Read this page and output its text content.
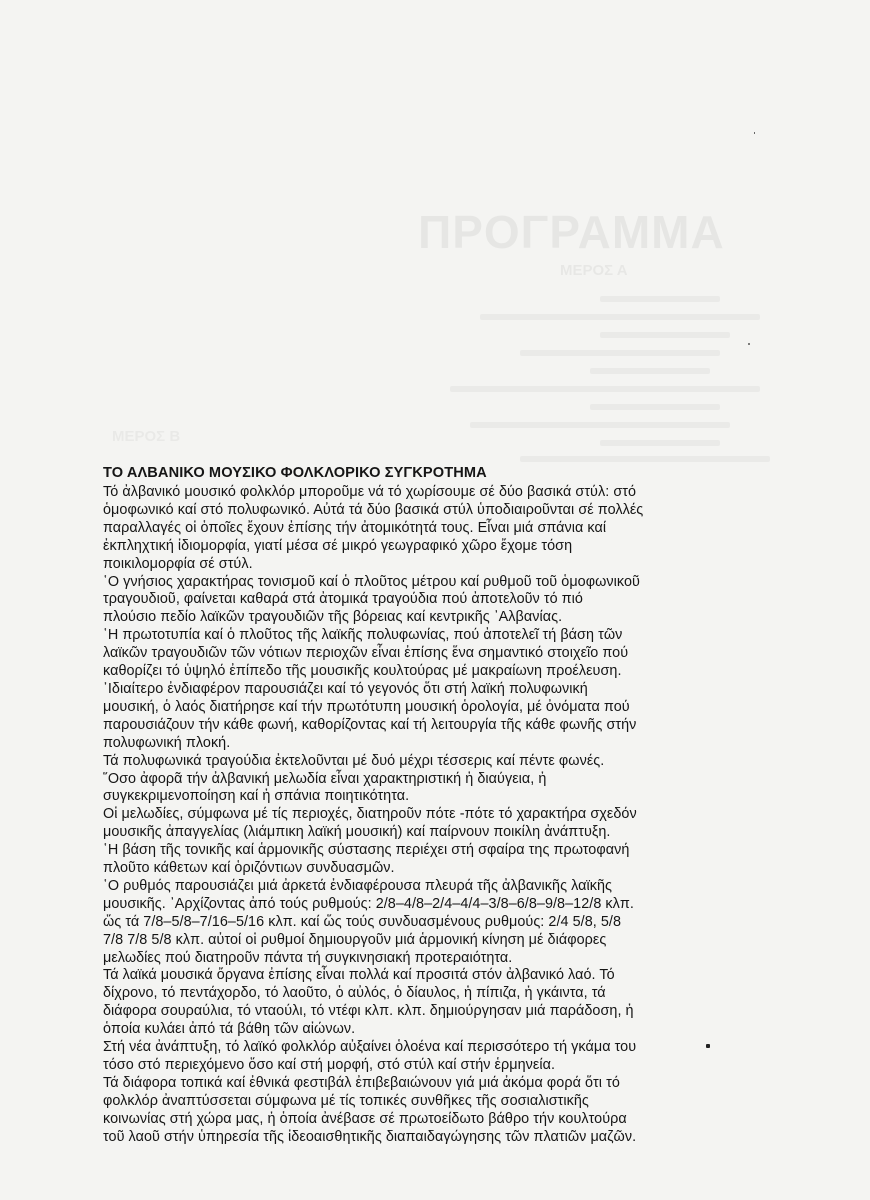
ΠΡΟΓΡΑΜΜΑ
ΜΕΡΟΣ Α
ΤΟ ΑΛΒΑΝΙΚΟ ΜΟΥΣΙΚΟ ΦΟΛΚΛΟΡΙΚΟ ΣΥΓΚΡΟΤΗΜΑ
Τό ἀλβανικό μουσικό φολκλόρ μποροῦμε νά τό χωρίσουμε σέ δύο βασικά στύλ: στό
ὁμοφωνικό καί στό πολυφωνικό. Αὐτά τά δύο βασικά στύλ ὑποδιαιροῦνται σέ πολλές
παραλλαγές οἱ ὁποῖες ἔχουν ἐπίσης τήν ἀτομικότητά τους. Εἶναι μιά σπάνια καί
ἐκπληχτική ἰδιομορφία, γιατί μέσα σέ μικρό γεωγραφικό χῶρο ἔχομε τόση
ποικιλομορφία σέ στύλ.
῾Ο γνήσιος χαρακτήρας τονισμοῦ καί ὁ πλοῦτος μέτρου καί ρυθμοῦ τοῦ ὁμοφωνικοῦ
τραγουδιοῦ, φαίνεται καθαρά στά ἀτομικά τραγούδια πού ἀποτελοῦν τό πιό
πλούσιο πεδίο λαϊκῶν τραγουδιῶν τῆς βόρειας καί κεντρικῆς ᾿Αλβανίας.
῾Η πρωτοτυπία καί ὁ πλοῦτος τῆς λαϊκῆς πολυφωνίας, πού ἀποτελεῖ τή βάση τῶν
λαϊκῶν τραγουδιῶν τῶν νότιων περιοχῶν εἶναι ἐπίσης ἕνα σημαντικό στοιχεῖο πού
καθορίζει τό ὑψηλό ἐπίπεδο τῆς μουσικῆς κουλτούρας μέ μακραίωνη προέλευση.
᾿Ιδιαίτερο ἐνδιαφέρον παρουσιάζει καί τό γεγονός ὅτι στή λαϊκή πολυφωνική
μουσική, ὁ λαός διατήρησε καί τήν πρωτότυπη μουσική ὁρολογία, μέ ὀνόματα πού
παρουσιάζουν τήν κάθε φωνή, καθορίζοντας καί τή λειτουργία τῆς κάθε φωνῆς στήν
πολυφωνική πλοκή.
Τά πολυφωνικά τραγούδια ἐκτελοῦνται μέ δυό μέχρι τέσσερις καί πέντε φωνές.
῞Οσο ἀφορᾶ τήν ἀλβανική μελωδία εἶναι χαρακτηριστική ἡ διαύγεια, ἡ
συγκεκριμενοποίηση καί ἡ σπάνια ποιητικότητα.
Οἱ μελωδίες, σύμφωνα μέ τίς περιοχές, διατηροῦν πότε -πότε τό χαρακτήρα σχεδόν
μουσικῆς ἀπαγγελίας (λιάμπικη λαϊκή μουσική) καί παίρνουν ποικίλη ἀνάπτυξη.
῾Η βάση τῆς τονικῆς καί ἁρμονικῆς σύστασης περιέχει στή σφαίρα της πρωτοφανή
πλοῦτο κάθετων καί ὁριζόντιων συνδυασμῶν.
῾Ο ρυθμός παρουσιάζει μιά ἀρκετά ἐνδιαφέρουσα πλευρά τῆς ἀλβανικῆς λαϊκῆς
μουσικῆς. ᾿Αρχίζοντας ἀπό τούς ρυθμούς: 2/8–4/8–2/4–4/4–3/8–6/8–9/8–12/8 κλπ.
ὥς τά 7/8–5/8–7/16–5/16 κλπ. καί ὥς τούς συνδυασμένους ρυθμούς: 2/4 5/8, 5/8
7/8 7/8 5/8 κλπ. αὐτοί οἱ ρυθμοί δημιουργοῦν μιά ἁρμονική κίνηση μέ διάφορες
μελωδίες πού διατηροῦν πάντα τή συγκινησιακή προτεραιότητα.
Τά λαϊκά μουσικά ὄργανα ἐπίσης εἶναι πολλά καί προσιτά στόν ἀλβανικό λαό. Τό
δίχρονο, τό πεντάχορδο, τό λαοῦτο, ὁ αὐλός, ὁ δίαυλος, ἡ πίπιζα, ἡ γκάιντα, τά
διάφορα σουραύλια, τό νταούλι, τό ντέφι κλπ. κλπ. δημιούργησαν μιά παράδοση, ἡ
ὁποία κυλάει ἀπό τά βάθη τῶν αἰώνων.
Στή νέα ἀνάπτυξη, τό λαϊκό φολκλόρ αὐξαίνει ὁλοένα καί περισσότερο τή γκάμα του
τόσο στό περιεχόμενο ὅσο καί στή μορφή, στό στύλ καί στήν ἑρμηνεία.
Τά διάφορα τοπικά καί ἐθνικά φεστιβάλ ἐπιβεβαιώνουν γιά μιά ἀκόμα φορά ὅτι τό
φολκλόρ ἀναπτύσσεται σύμφωνα μέ τίς τοπικές συνθῆκες τῆς σοσιαλιστικῆς
κοινωνίας στή χώρα μας, ἡ ὁποία ἀνέβασε σέ πρωτοείδωτο βάθρο τήν κουλτούρα
τοῦ λαοῦ στήν ὑπηρεσία τῆς ἰδεοαισθητικῆς διαπαιδαγώγησης τῶν πλατιῶν μαζῶν.
